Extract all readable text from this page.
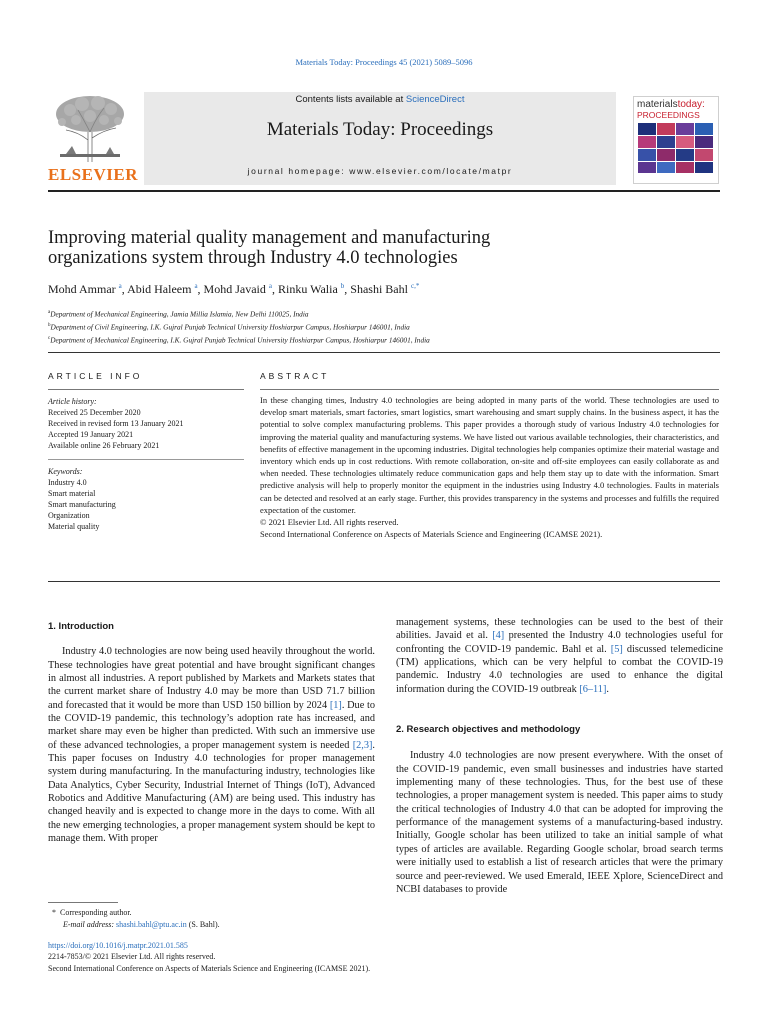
Materials Today: Proceedings 45 (2021) 5089–5096
ELSEVIER
Contents lists available at ScienceDirect
Materials Today: Proceedings
journal homepage: www.elsevier.com/locate/matpr
materialstoday:
PROCEEDINGS
Improving material quality management and manufacturing organizations system through Industry 4.0 technologies
Mohd Ammar $^a$, Abid Haleem $^a$, Mohd Javaid $^a$, Rinku Walia $^b$, Shashi Bahl $^{c,*}$
$^a$Department of Mechanical Engineering, Jamia Millia Islamia, New Delhi 110025, India
$^b$Department of Civil Engineering, I.K. Gujral Punjab Technical University Hoshiarpur Campus, Hoshiarpur 146001, India
$^c$Department of Mechanical Engineering, I.K. Gujral Punjab Technical University Hoshiarpur Campus, Hoshiarpur 146001, India
ARTICLE INFO
Article history:
Received 25 December 2020
Received in revised form 13 January 2021
Accepted 19 January 2021
Available online 26 February 2021
Keywords:
Industry 4.0
Smart material
Smart manufacturing
Organization
Material quality
ABSTRACT

In these changing times, Industry 4.0 technologies are being adopted in many parts of the world. These technologies are used to develop smart materials, smart factories, smart logistics, smart warehousing and smart supply chains. In the business aspect, it has the potential to solve complex manufacturing problems. This paper provides a thorough study of various Industry 4.0 technologies for improving the material quality and manufacturing systems. We have listed out various available technologies, their characteristics, and benefits of effective management in the upcoming industries. Digital technologies help companies optimize their material wastage and inventory which ends up in cost reductions. With remote collaboration, on-site and off-site employees can easily collaborate as and when needed. These technologies ultimately reduce communication gaps and help them stay up to date with the information. Smart predictive analysis will help to properly monitor the equipment in the industries using Industry 4.0 technologies. Faults in materials can be detected and resolved at an early stage. Further, this provides transparency in the systems and processes and fulfills the required expectation of the customer.

© 2021 Elsevier Ltd. All rights reserved.

Second International Conference on Aspects of Materials Science and Engineering (ICAMSE 2021).

1. Introduction

Industry 4.0 technologies are now being used heavily throughout the world. These technologies have great potential and have brought significant changes in almost all industries. A report published by Markets and Markets states that the current market share of Industry 4.0 may be more than USD 71.7 billion and forecasted that it would be more than USD 150 billion by 2024 [1]. Due to the COVID-19 pandemic, this technology’s adoption rate has increased, and market share may even be higher than predicted. With such an immersive use of these advanced technologies, a proper management system is needed [2,3]. This paper focuses on Industry 4.0 technologies for proper management system during manufacturing. In the manufacturing industry, technologies like Data Analytics, Cyber Security, Industrial Internet of Things (IoT), Advanced Robotics and Additive Manufacturing (AM) are being used. This industry has changed heavily and is expected to change more in the days to come. With all the new emerging technologies, a proper management system should be kept to manage them. With proper

management systems, these technologies can be used to the best of their abilities. Javaid et al. [4] presented the Industry 4.0 technologies useful for confronting the COVID-19 pandemic. Bahl et al. [5] discussed telemedicine (TM) applications, which can be very helpful to combat the COVID-19 pandemic. Industry 4.0 technologies are used to enhance the digital information during the COVID-19 outbreak [6–11].

2. Research objectives and methodology

Industry 4.0 technologies are now present everywhere. With the onset of the COVID-19 pandemic, even small businesses and industries have started implementing many of these technologies. Thus, for the best use of these technologies, a proper management system is needed. This paper aims to study the critical technologies of Industry 4.0 that can be adopted for improving the performance of the management systems of a manufacturing-based industry. Initially, Google scholar has been utilized to take an initial sample of what types of articles are available. Regarding Google scholar, broad search terms were initially used to establish a list of research articles that were the primary source and peer-reviewed. We used Emerald, IEEE Xplore, ScienceDirect and NCBI databases to provide

* Corresponding author.
E-mail address: shashi.bahl@ptu.ac.in (S. Bahl).
https://doi.org/10.1016/j.matpr.2021.01.585
2214-7853/© 2021 Elsevier Ltd. All rights reserved.
Second International Conference on Aspects of Materials Science and Engineering (ICAMSE 2021).
